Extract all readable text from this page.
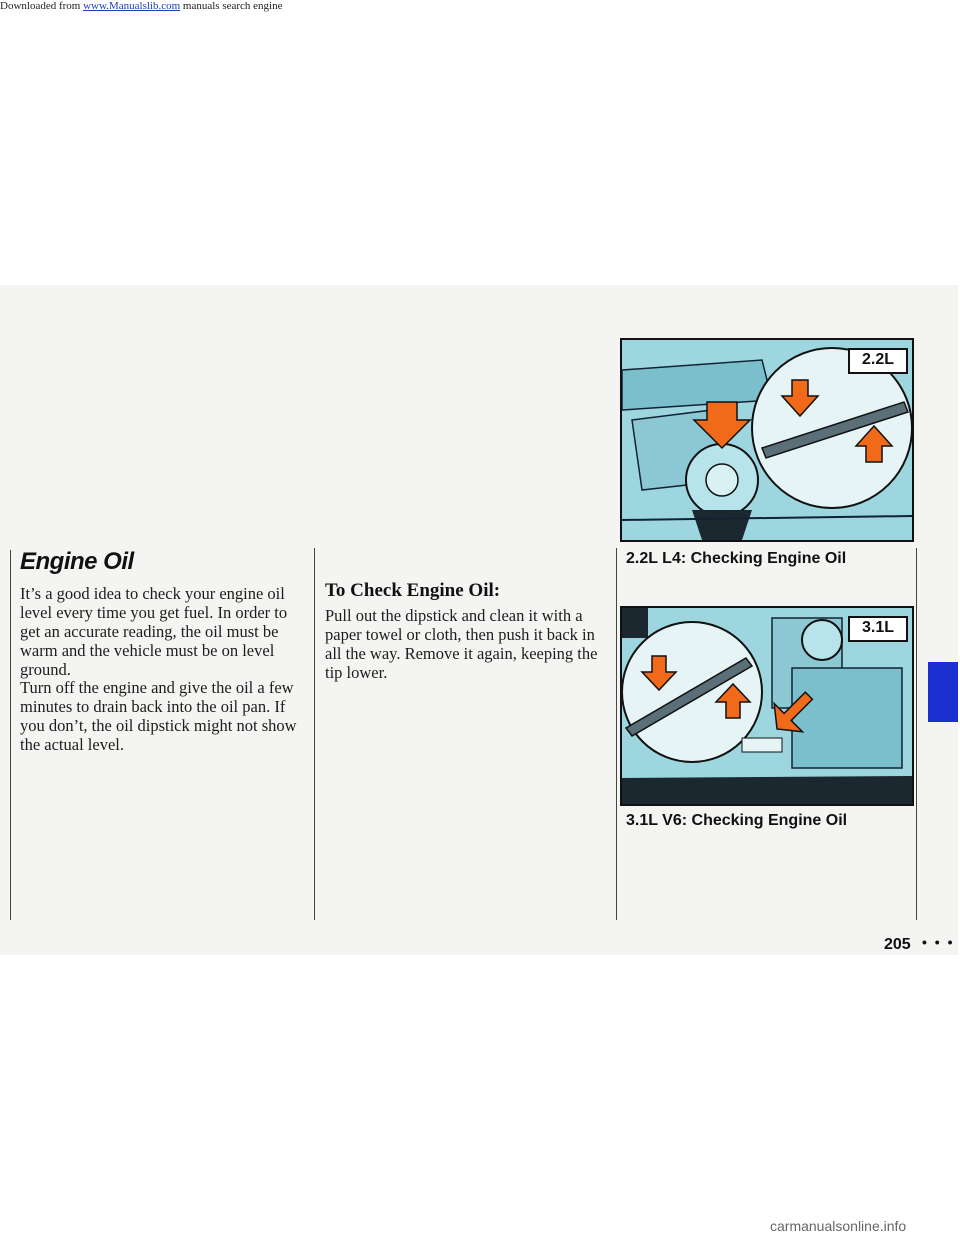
Downloaded from www.Manualslib.com manuals search engine
Engine Oil

It’s a good idea to check your engine oil level every time you get fuel. In order to get an accurate reading, the oil must be warm and the vehicle must be on level ground.

Turn off the engine and give the oil a few minutes to drain back into the oil pan. If you don’t, the oil dipstick might not show the actual level.

To Check Engine Oil:

Pull out the dipstick and clean it with a paper towel or cloth, then push it back in all the way. Remove it again, keeping the tip lower.

2.2L

2.2L L4: Checking Engine Oil

3.1L

3.1L V6: Checking Engine Oil

205 • • •
carmanualsonline.info
